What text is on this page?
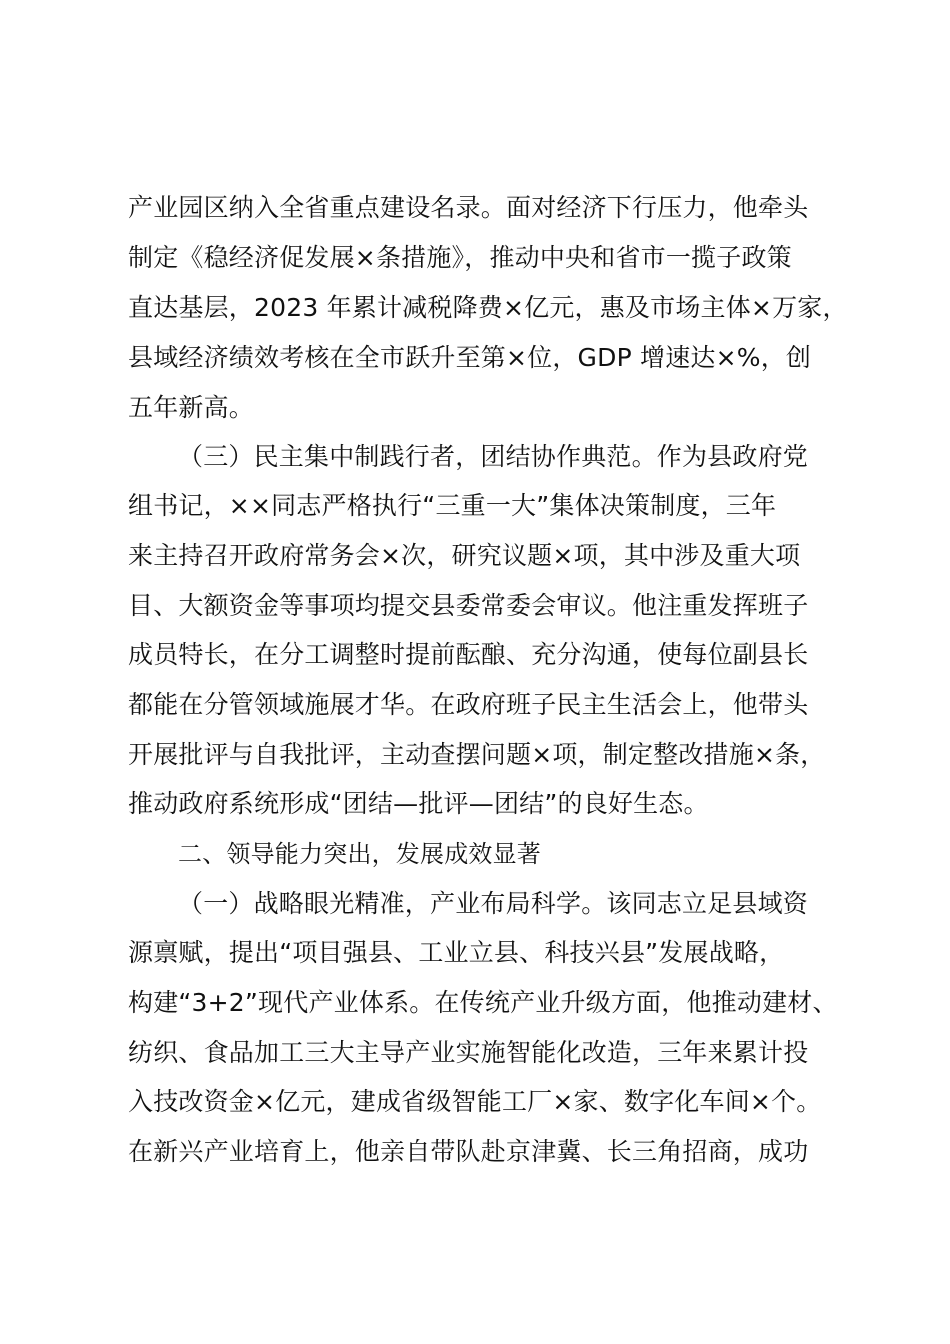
产业园区纳入全省重点建设名录。面对经济下行压力，他牵头
制定《稳经济促发展×条措施》，推动中央和省市一揽子政策
直达基层，2023 年累计减税降费×亿元，惠及市场主体×万家，
县域经济绩效考核在全市跃升至第×位，GDP 增速达×%，创
五年新高。
（三）民主集中制践行者，团结协作典范。作为县政府党
组书记，××同志严格执行“三重一大”集体决策制度，三年
来主持召开政府常务会×次，研究议题×项，其中涉及重大项
目、大额资金等事项均提交县委常委会审议。他注重发挥班子
成员特长，在分工调整时提前酝酿、充分沟通，使每位副县长
都能在分管领域施展才华。在政府班子民主生活会上，他带头
开展批评与自我批评，主动查摆问题×项，制定整改措施×条，
推动政府系统形成“团结—批评—团结”的良好生态。
二、领导能力突出，发展成效显著
（一）战略眼光精准，产业布局科学。该同志立足县域资
源禀赋，提出“项目强县、工业立县、科技兴县”发展战略，
构建“3+2”现代产业体系。在传统产业升级方面，他推动建材、
纺织、食品加工三大主导产业实施智能化改造，三年来累计投
入技改资金×亿元，建成省级智能工厂×家、数字化车间×个。
在新兴产业培育上，他亲自带队赴京津冀、长三角招商，成功
